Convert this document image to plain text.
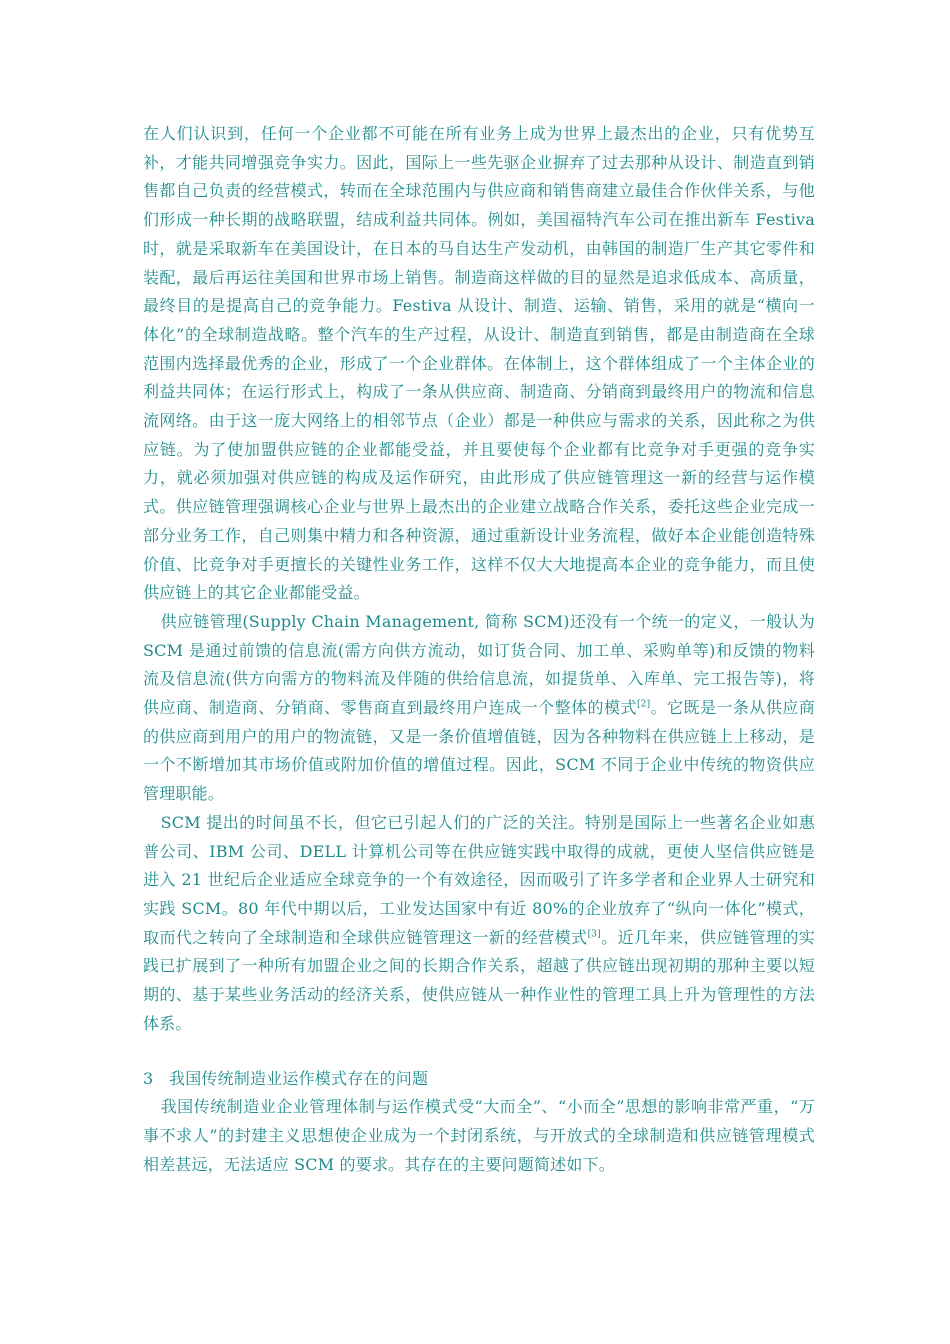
在人们认识到，任何一个企业都不可能在所有业务上成为世界上最杰出的企业，只有优势互补，才能共同增强竞争实力。因此，国际上一些先驱企业摒弃了过去那种从设计、制造直到销售都自己负责的经营模式，转而在全球范围内与供应商和销售商建立最佳合作伙伴关系，与他们形成一种长期的战略联盟，结成利益共同体。例如，美国福特汽车公司在推出新车 Festiva 时，就是采取新车在美国设计，在日本的马自达生产发动机，由韩国的制造厂生产其它零件和装配，最后再运往美国和世界市场上销售。制造商这样做的目的显然是追求低成本、高质量，最终目的是提高自己的竞争能力。Festiva 从设计、制造、运输、销售，采用的就是“横向一体化”的全球制造战略。整个汽车的生产过程，从设计、制造直到销售，都是由制造商在全球范围内选择最优秀的企业，形成了一个企业群体。在体制上，这个群体组成了一个主体企业的利益共同体；在运行形式上，构成了一条从供应商、制造商、分销商到最终用户的物流和信息流网络。由于这一庞大网络上的相邻节点（企业）都是一种供应与需求的关系，因此称之为供应链。为了使加盟供应链的企业都能受益，并且要使每个企业都有比竞争对手更强的竞争实力，就必须加强对供应链的构成及运作研究，由此形成了供应链管理这一新的经营与运作模式。供应链管理强调核心企业与世界上最杰出的企业建立战略合作关系，委托这些企业完成一部分业务工作，自己则集中精力和各种资源，通过重新设计业务流程，做好本企业能创造特殊价值、比竞争对手更擅长的关键性业务工作，这样不仅大大地提高本企业的竞争能力，而且使供应链上的其它企业都能受益。

供应链管理(Supply Chain Management, 简称 SCM)还没有一个统一的定义，一般认为 SCM 是通过前馈的信息流(需方向供方流动，如订货合同、加工单、采购单等)和反馈的物料流及信息流(供方向需方的物料流及伴随的供给信息流，如提货单、入库单、完工报告等)，将供应商、制造商、分销商、零售商直到最终用户连成一个整体的模式[2]。它既是一条从供应商的供应商到用户的用户的物流链，又是一条价值增值链，因为各种物料在供应链上上移动，是一个不断增加其市场价值或附加价值的增值过程。因此，SCM 不同于企业中传统的物资供应管理职能。

SCM 提出的时间虽不长，但它已引起人们的广泛的关注。特别是国际上一些著名企业如惠普公司、IBM 公司、DELL 计算机公司等在供应链实践中取得的成就，更使人坚信供应链是进入 21 世纪后企业适应全球竞争的一个有效途径，因而吸引了许多学者和企业界人士研究和实践 SCM。80 年代中期以后，工业发达国家中有近 80%的企业放弃了“纵向一体化”模式，取而代之转向了全球制造和全球供应链管理这一新的经营模式[3]。近几年来，供应链管理的实践已扩展到了一种所有加盟企业之间的长期合作关系，超越了供应链出现初期的那种主要以短期的、基于某些业务活动的经济关系，使供应链从一种作业性的管理工具上升为管理性的方法体系。

3 我国传统制造业运作模式存在的问题

我国传统制造业企业管理体制与运作模式受“大而全”、“小而全”思想的影响非常严重，“万事不求人”的封建主义思想使企业成为一个封闭系统，与开放式的全球制造和供应链管理模式相差甚远，无法适应 SCM 的要求。其存在的主要问题简述如下。
